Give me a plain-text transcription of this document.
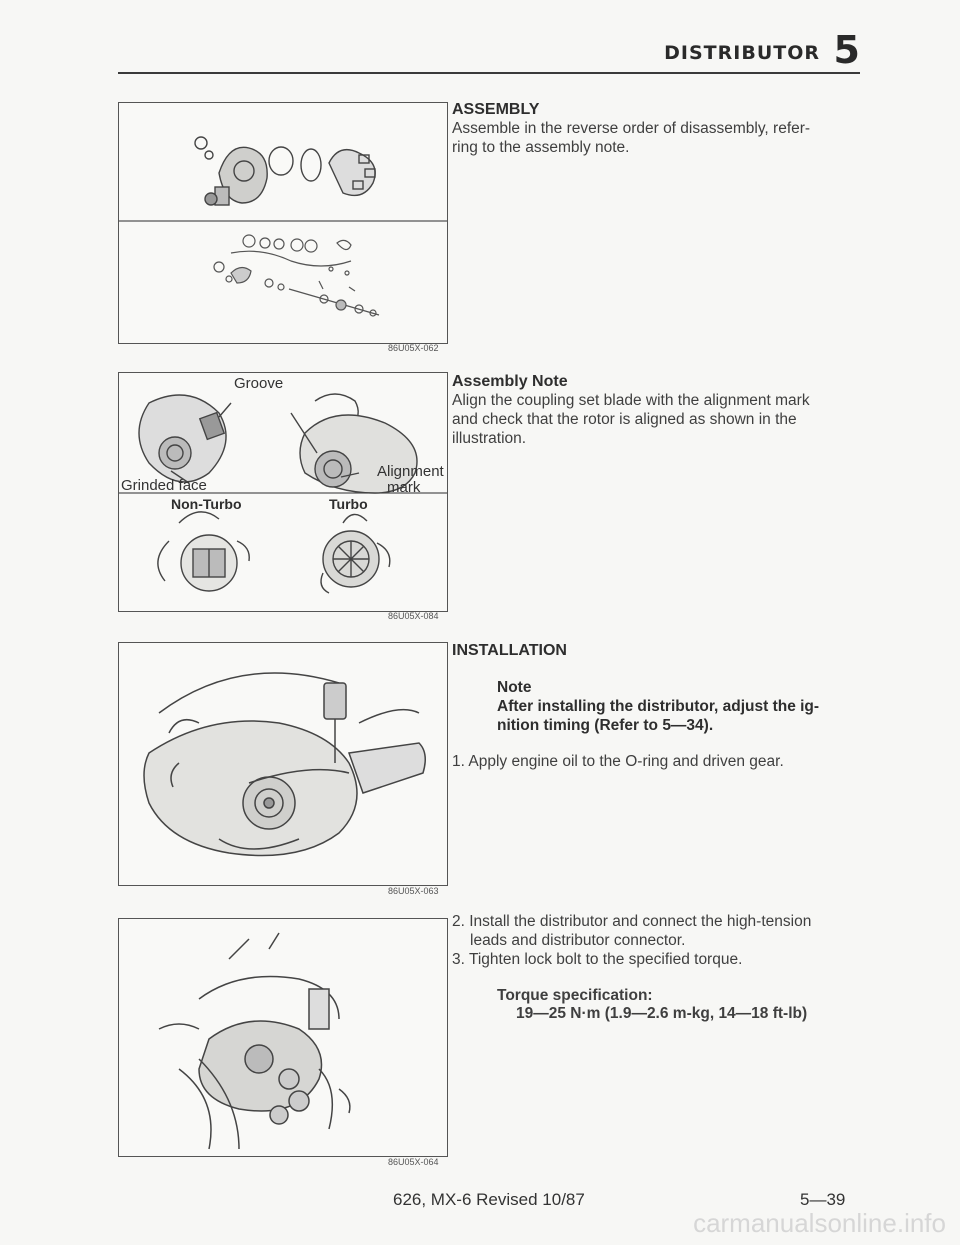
DISTRIBUTOR 5
86U05X-062
Groove
Grinded face
Alignment
mark
Non-Turbo	Turbo
86U05X-084
86U05X-063
86U05X-064
ASSEMBLY
Assemble in the reverse order of disassembly, refer-
ring to the assembly note.
Assembly Note
Align the coupling set blade with the alignment mark
and check that the rotor is aligned as shown in the
illustration.
INSTALLATION
Note
After installing the distributor, adjust the ig-
nition timing (Refer to 5—34).
1. Apply engine oil to the O-ring and driven gear.
2. Install the distributor and connect the high-tension
leads and distributor connector.
3. Tighten lock bolt to the specified torque.
Torque specification:
19—25 N·m (1.9—2.6 m-kg, 14—18 ft-lb)
626, MX-6 Revised 10/87	5—39
carmanualsonline.info
